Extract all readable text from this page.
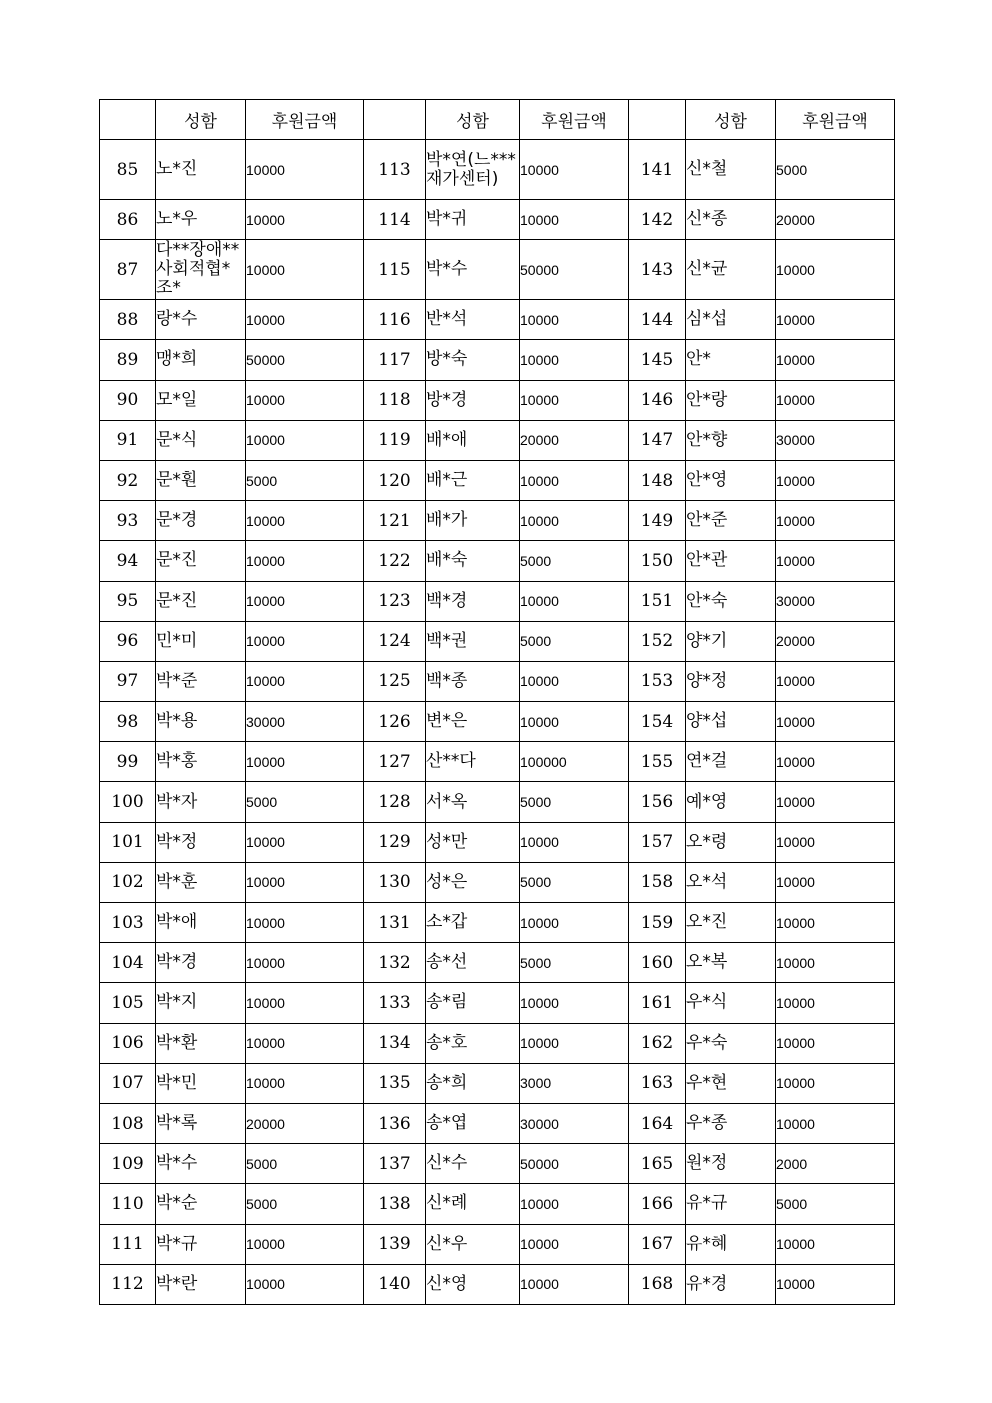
	성함	후원금액		성함	후원금액		성함	후원금액
85	노*진	10000	113	박*연(느***재가센터)	10000	141	신*철	5000
86	노*우	10000	114	박*귀	10000	142	신*종	20000
87	다**장애**사회적협*조*	10000	115	박*수	50000	143	신*균	10000
88	랑*수	10000	116	반*석	10000	144	심*섭	10000
89	맹*희	50000	117	방*숙	10000	145	안*	10000
90	모*일	10000	118	방*경	10000	146	안*랑	10000
91	문*식	10000	119	배*애	20000	147	안*향	30000
92	문*훤	5000	120	배*근	10000	148	안*영	10000
93	문*경	10000	121	배*가	10000	149	안*준	10000
94	문*진	10000	122	배*숙	5000	150	안*관	10000
95	문*진	10000	123	백*경	10000	151	안*숙	30000
96	민*미	10000	124	백*권	5000	152	양*기	20000
97	박*준	10000	125	백*종	10000	153	양*정	10000
98	박*용	30000	126	변*은	10000	154	양*섭	10000
99	박*홍	10000	127	산**다	100000	155	연*걸	10000
100	박*자	5000	128	서*옥	5000	156	예*영	10000
101	박*정	10000	129	성*만	10000	157	오*령	10000
102	박*훈	10000	130	성*은	5000	158	오*석	10000
103	박*애	10000	131	소*갑	10000	159	오*진	10000
104	박*경	10000	132	송*선	5000	160	오*복	10000
105	박*지	10000	133	송*림	10000	161	우*식	10000
106	박*환	10000	134	송*호	10000	162	우*숙	10000
107	박*민	10000	135	송*희	3000	163	우*현	10000
108	박*록	20000	136	송*엽	30000	164	우*종	10000
109	박*수	5000	137	신*수	50000	165	원*정	2000
110	박*순	5000	138	신*례	10000	166	유*규	5000
111	박*규	10000	139	신*우	10000	167	유*혜	10000
112	박*란	10000	140	신*영	10000	168	유*경	10000
